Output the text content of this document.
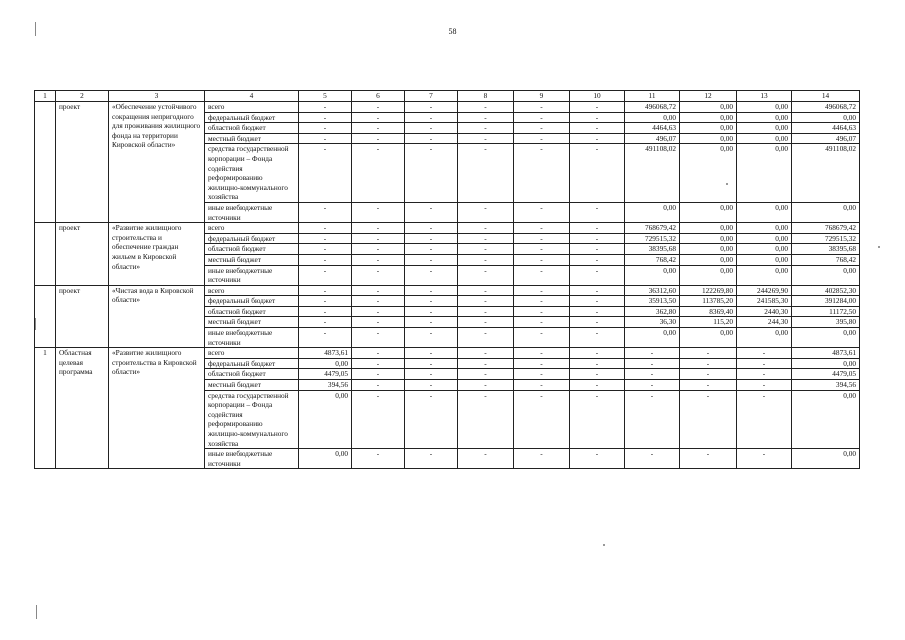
58
1	2	3	4	5	6	7	8	9	10	11	12	13	14
	проект	«Обеспечение устойчивого сокращения непригодного для проживания жилищного фонда на территории Кировской области»	всего	-	-	-	-	-	-	496068,72	0,00	0,00	496068,72
			федеральный бюджет	-	-	-	-	-	-	0,00	0,00	0,00	0,00
			областной бюджет	-	-	-	-	-	-	4464,63	0,00	0,00	4464,63
			местный бюджет	-	-	-	-	-	-	496,07	0,00	0,00	496,07
			средства государственной корпорации – Фонда содействия реформированию жилищно-коммунального хозяйства	-	-	-	-	-	-	491108,02	0,00	0,00	491108,02
			иные внебюджетные источники	-	-	-	-	-	-	0,00	0,00	0,00	0,00
	проект	«Развитие жилищного строительства и обеспечение граждан жильем в Кировской области»	всего	-	-	-	-	-	-	768679,42	0,00	0,00	768679,42
			федеральный бюджет	-	-	-	-	-	-	729515,32	0,00	0,00	729515,32
			областной бюджет	-	-	-	-	-	-	38395,68	0,00	0,00	38395,68
			местный бюджет	-	-	-	-	-	-	768,42	0,00	0,00	768,42
			иные внебюджетные источники	-	-	-	-	-	-	0,00	0,00	0,00	0,00
	проект	«Чистая вода в Кировской области»	всего	-	-	-	-	-	-	36312,60	122269,80	244269,90	402852,30
			федеральный бюджет	-	-	-	-	-	-	35913,50	113785,20	241585,30	391284,00
			областной бюджет	-	-	-	-	-	-	362,80	8369,40	2440,30	11172,50
			местный бюджет	-	-	-	-	-	-	36,30	115,20	244,30	395,80
			иные внебюджетные источники	-	-	-	-	-	-	0,00	0,00	0,00	0,00
1	Областная целевая программа	«Развитие жилищного строительства в Кировской области»	всего	4873,61	-	-	-	-	-	-	-	-	4873,61
			федеральный бюджет	0,00	-	-	-	-	-	-	-	-	0,00
			областной бюджет	4479,05	-	-	-	-	-	-	-	-	4479,05
			местный бюджет	394,56	-	-	-	-	-	-	-	-	394,56
			средства государственной корпорации – Фонда содействия реформированию жилищно-коммунального хозяйства	0,00	-	-	-	-	-	-	-	-	0,00
			иные внебюджетные источники	0,00	-	-	-	-	-	-	-	-	0,00
